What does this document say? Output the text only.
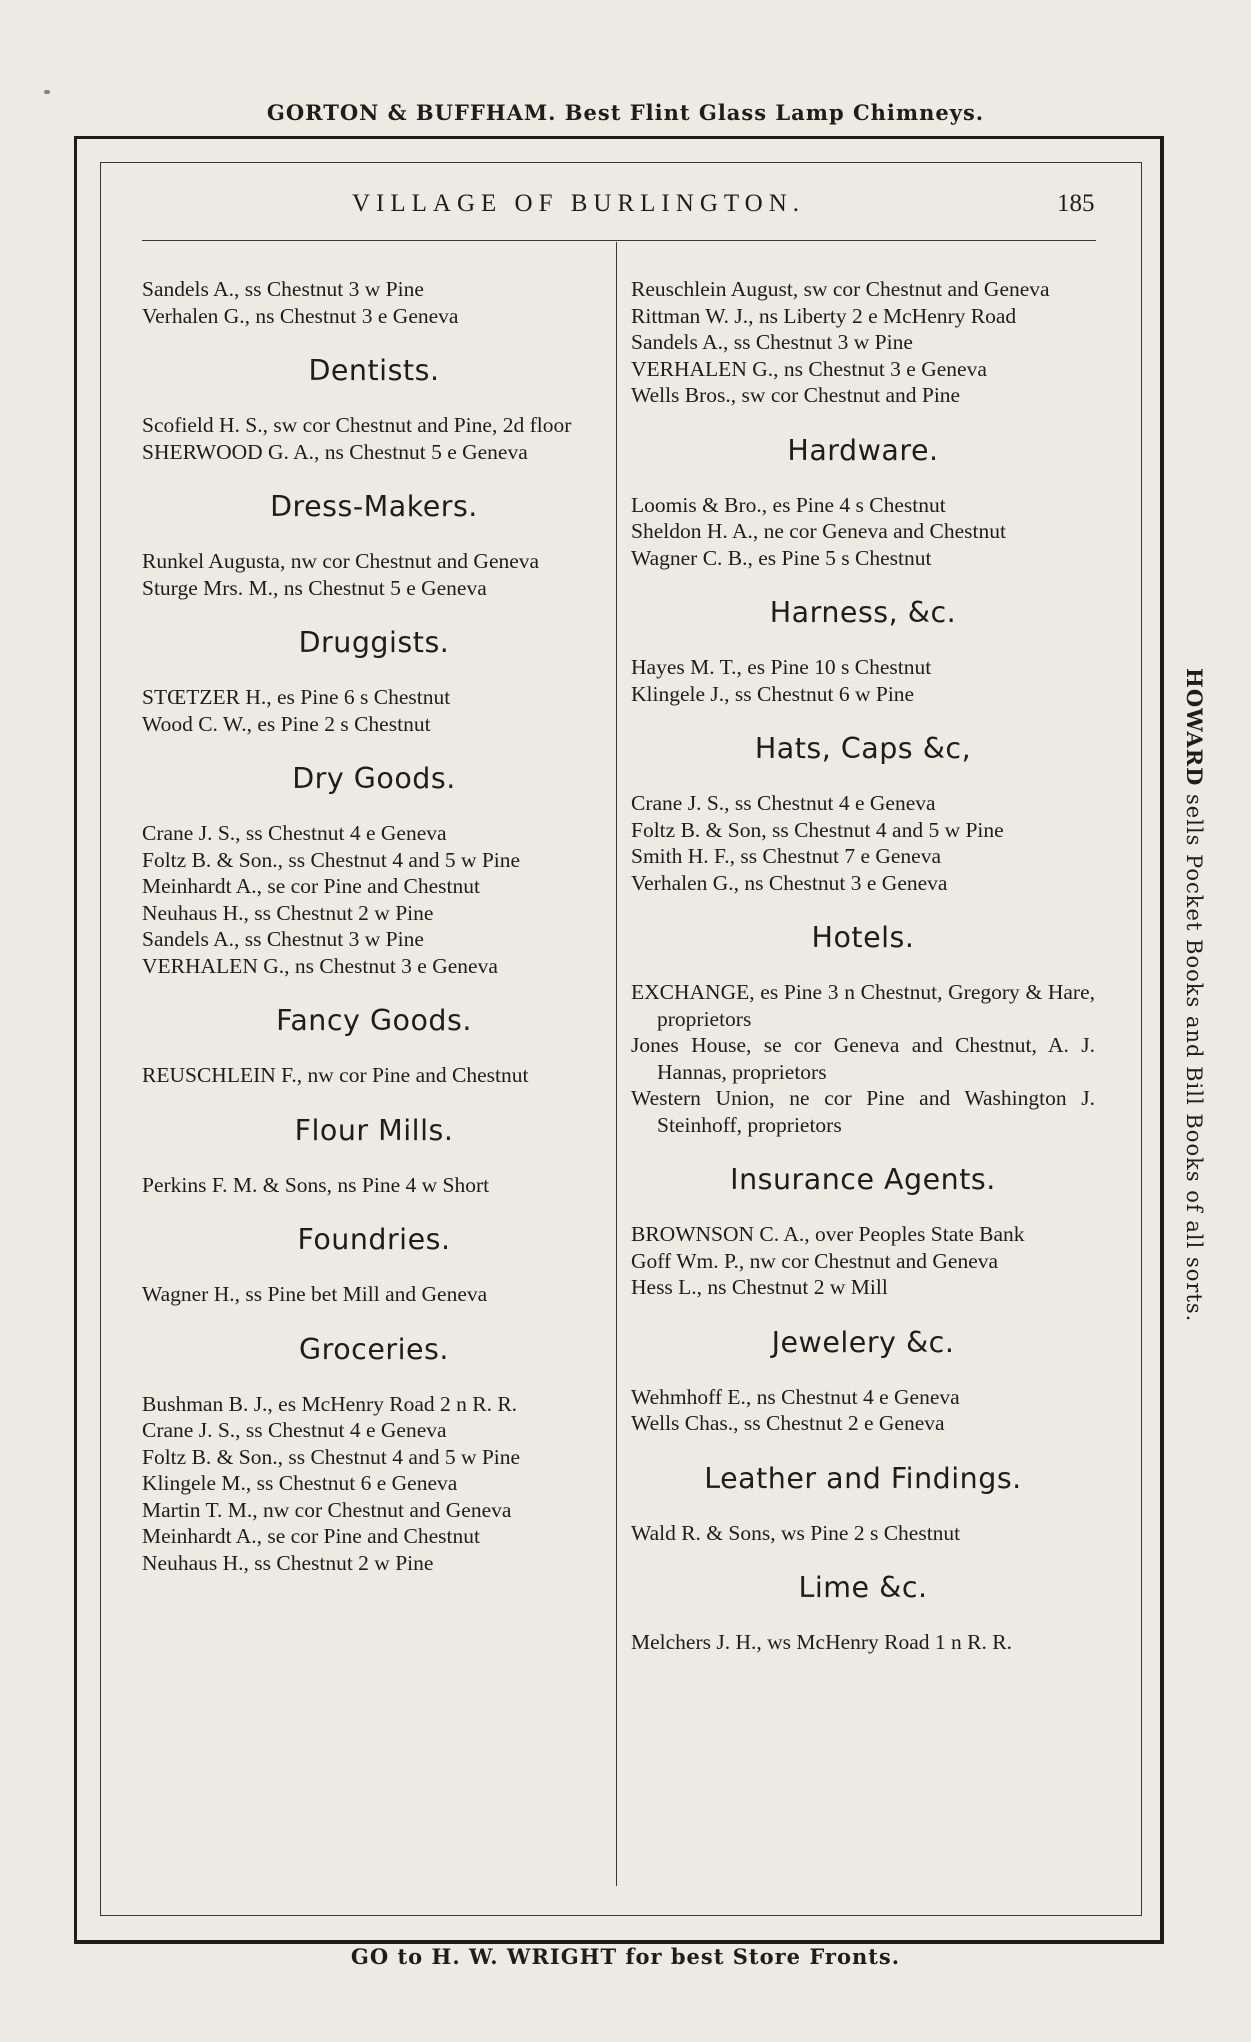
GORTON & BUFFHAM. Best Flint Glass Lamp Chimneys.
VILLAGE OF BURLINGTON.	185

Sandels A., ss Chestnut 3 w Pine

Verhalen G., ns Chestnut 3 e Geneva

Dentists.

Scofield H. S., sw cor Chestnut and Pine, 2d floor

SHERWOOD G. A., ns Chestnut 5 e Geneva

Dress-Makers.

Runkel Augusta, nw cor Chestnut and Geneva

Sturge Mrs. M., ns Chestnut 5 e Geneva

Druggists.

STŒTZER H., es Pine 6 s Chestnut

Wood C. W., es Pine 2 s Chestnut

Dry Goods.

Crane J. S., ss Chestnut 4 e Geneva

Foltz B. & Son., ss Chestnut 4 and 5 w Pine

Meinhardt A., se cor Pine and Chestnut

Neuhaus H., ss Chestnut 2 w Pine

Sandels A., ss Chestnut 3 w Pine

VERHALEN G., ns Chestnut 3 e Geneva

Fancy Goods.

REUSCHLEIN F., nw cor Pine and Chestnut

Flour Mills.

Perkins F. M. & Sons, ns Pine 4 w Short

Foundries.

Wagner H., ss Pine bet Mill and Geneva

Groceries.

Bushman B. J., es McHenry Road 2 n R. R.

Crane J. S., ss Chestnut 4 e Geneva

Foltz B. & Son., ss Chestnut 4 and 5 w Pine

Klingele M., ss Chestnut 6 e Geneva

Martin T. M., nw cor Chestnut and Geneva

Meinhardt A., se cor Pine and Chestnut

Neuhaus H., ss Chestnut 2 w Pine

Reuschlein August, sw cor Chestnut and Geneva

Rittman W. J., ns Liberty 2 e McHenry Road

Sandels A., ss Chestnut 3 w Pine

VERHALEN G., ns Chestnut 3 e Geneva

Wells Bros., sw cor Chestnut and Pine

Hardware.

Loomis & Bro., es Pine 4 s Chestnut

Sheldon H. A., ne cor Geneva and Chestnut

Wagner C. B., es Pine 5 s Chestnut

Harness, &c.

Hayes M. T., es Pine 10 s Chestnut

Klingele J., ss Chestnut 6 w Pine

Hats, Caps &c,

Crane J. S., ss Chestnut 4 e Geneva

Foltz B. & Son, ss Chestnut 4 and 5 w Pine

Smith H. F., ss Chestnut 7 e Geneva

Verhalen G., ns Chestnut 3 e Geneva

Hotels.

EXCHANGE, es Pine 3 n Chestnut, Gregory & Hare, proprietors

Jones House, se cor Geneva and Chestnut, A. J. Hannas, proprietors

Western Union, ne cor Pine and Washington J. Steinhoff, proprietors

Insurance Agents.

BROWNSON C. A., over Peoples State Bank

Goff Wm. P., nw cor Chestnut and Geneva

Hess L., ns Chestnut 2 w Mill

Jewelery &c.

Wehmhoff E., ns Chestnut 4 e Geneva

Wells Chas., ss Chestnut 2 e Geneva

Leather and Findings.

Wald R. & Sons, ws Pine 2 s Chestnut

Lime &c.

Melchers J. H., ws McHenry Road 1 n R. R.

HOWARD sells Pocket Books and Bill Books of all sorts.
GO to H. W. WRIGHT for best Store Fronts.
